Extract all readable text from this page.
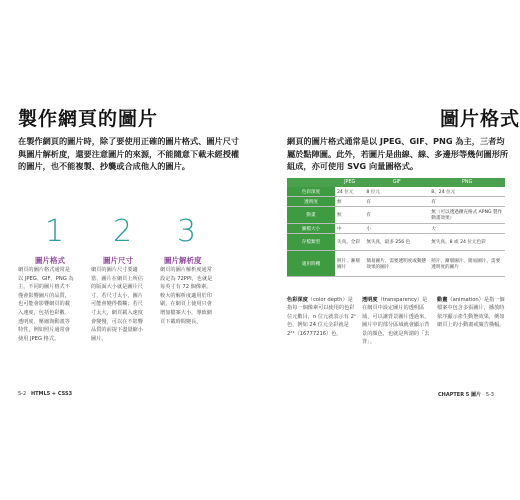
製作網頁的圖片
在製作網頁的圖片時，除了要使用正確的圖片格式、圖片尺寸與圖片解析度，還要注意圖片的來源，不能隨意下載未經授權的圖片，也不能複製、抄襲或合成他人的圖片。
1
圖片格式
網頁的圖片格式通常是以 JPEG、GIF、PNG 為主，不同的圖片格式不僅會影響圖片的品質，也可能會影響網頁的載入速度，包括色彩數、透明度、壓縮與動畫等特性，例如照片通常會使用 JPEG 格式。
2
圖片尺寸
網頁的圖片尺寸要適當，圖片在網頁上所佔的版面大小就是圖片尺寸，若尺寸太小，圖片可能會變得模糊；若尺寸太大，網頁載入速度會變慢，可以在不影響品質的前提下盡量縮小圖片。
3
圖片解析度
網頁的圖片解析度通常設定為 72PPI，也就是每英寸有 72 個像素。較大的解析度適用於印刷，在網頁上使用只會增加檔案大小，導致網頁下載時間變長。
5-2 HTML5 + CSS3
圖片格式
網頁的圖片格式通常是以 JPEG、GIF、PNG 為主，三者均屬於點陣圖。此外，若圖片是曲線、線、多邊形等幾何圖形所組成，亦可使用 SVG 向量圖格式。
CHAPTER 5 圖片 5-3
	JPEG	GIF	PNG
色彩深度	24 位元	8 位元	8、24 位元
透明度	無	有	有
動畫	無	有	無（可以透過擴充格式 APNG 製作動畫效果）
圖檔大小	中	小	大
存檔類型	失真、全彩	無失真，最多 256 色	無失真、8 或 24 位元色彩
適用時機	照片、漸層圖片	簡易圖片、需要透明度或動態效果的圖片	照片、漸層圖片、簡易圖片、需要透明度的圖片
色彩深度（color depth）是指每一個像素可以使用的色彩位元數目，n 位元就表示有 2ⁿ 色，例如 24 位元全彩就是 2²⁴（16777216）色。
透明度（transparency）是在網頁中設定圖片的透明區域，可以讓背景圖片透過來，圖片中的部分區域就會顯示背景的顏色，也就是所謂的「去背」。
動畫（animation）是指一個檔案中包含多張圖片，播放時依序顯示產生動態效果，例如網頁上的小動畫或廣告橫幅。
